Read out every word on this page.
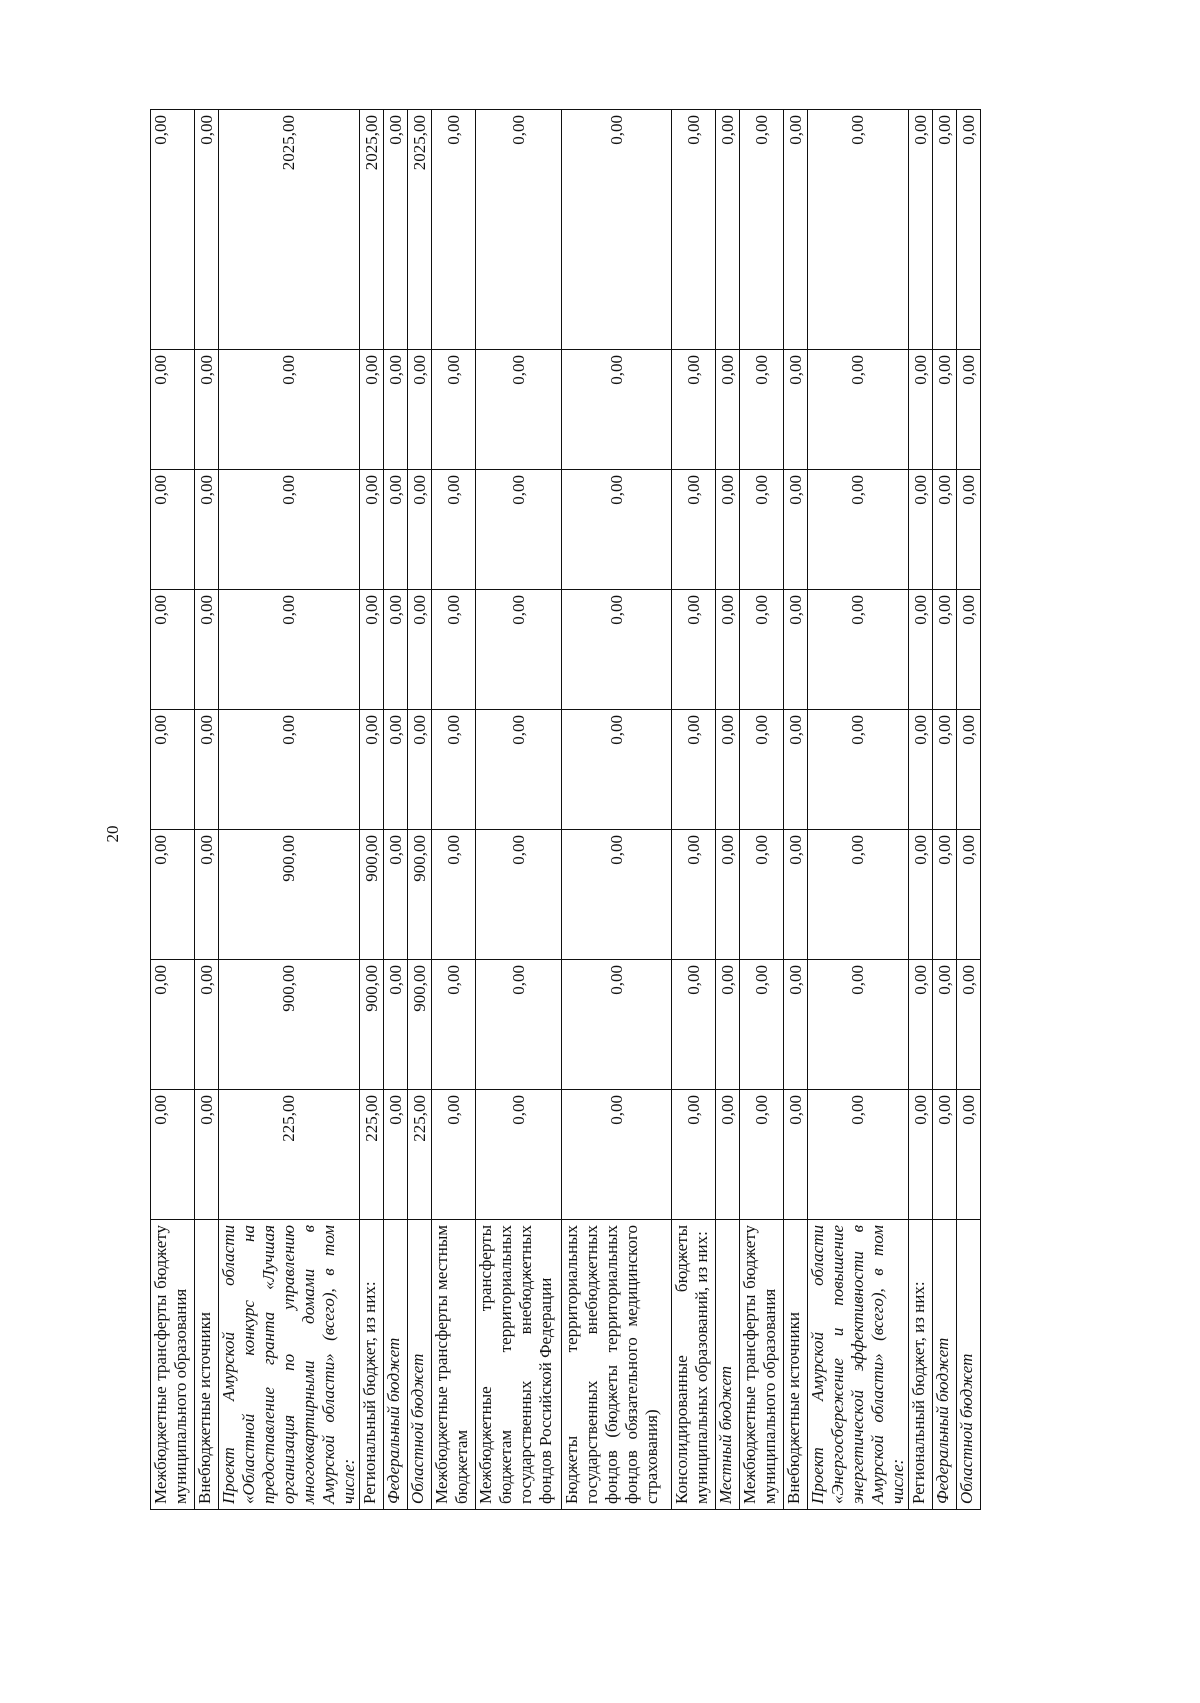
20
Межбюджетные трансферты бюджету муниципального образования	0,00	0,00	0,00	0,00	0,00	0,00	0,00	0,00
Внебюджетные источники	0,00	0,00	0,00	0,00	0,00	0,00	0,00	0,00
Проект Амурской области «Областной конкурс на предоставление гранта «Лучшая организация по управлению многоквартирными домами в Амурской области» (всего), в том числе:	225,00	900,00	900,00	0,00	0,00	0,00	0,00	2025,00
Региональный бюджет, из них:	225,00	900,00	900,00	0,00	0,00	0,00	0,00	2025,00
Федеральный бюджет	0,00	0,00	0,00	0,00	0,00	0,00	0,00	0,00
Областной бюджет	225,00	900,00	900,00	0,00	0,00	0,00	0,00	2025,00
Межбюджетные трансферты местным бюджетам	0,00	0,00	0,00	0,00	0,00	0,00	0,00	0,00
Межбюджетные трансферты бюджетам территориальных государственных внебюджетных фондов Российской Федерации	0,00	0,00	0,00	0,00	0,00	0,00	0,00	0,00
Бюджеты территориальных государственных внебюджетных фондов (бюджеты территориальных фондов обязательного медицинского страхования)	0,00	0,00	0,00	0,00	0,00	0,00	0,00	0,00
Консолидированные бюджеты муниципальных образований, из них:	0,00	0,00	0,00	0,00	0,00	0,00	0,00	0,00
Местный бюджет	0,00	0,00	0,00	0,00	0,00	0,00	0,00	0,00
Межбюджетные трансферты бюджету муниципального образования	0,00	0,00	0,00	0,00	0,00	0,00	0,00	0,00
Внебюджетные источники	0,00	0,00	0,00	0,00	0,00	0,00	0,00	0,00
Проект Амурской области «Энергосбережение и повышение энергетической эффективности в Амурской области» (всего), в том числе:	0,00	0,00	0,00	0,00	0,00	0,00	0,00	0,00
Региональный бюджет, из них:	0,00	0,00	0,00	0,00	0,00	0,00	0,00	0,00
Федеральный бюджет	0,00	0,00	0,00	0,00	0,00	0,00	0,00	0,00
Областной бюджет	0,00	0,00	0,00	0,00	0,00	0,00	0,00	0,00
